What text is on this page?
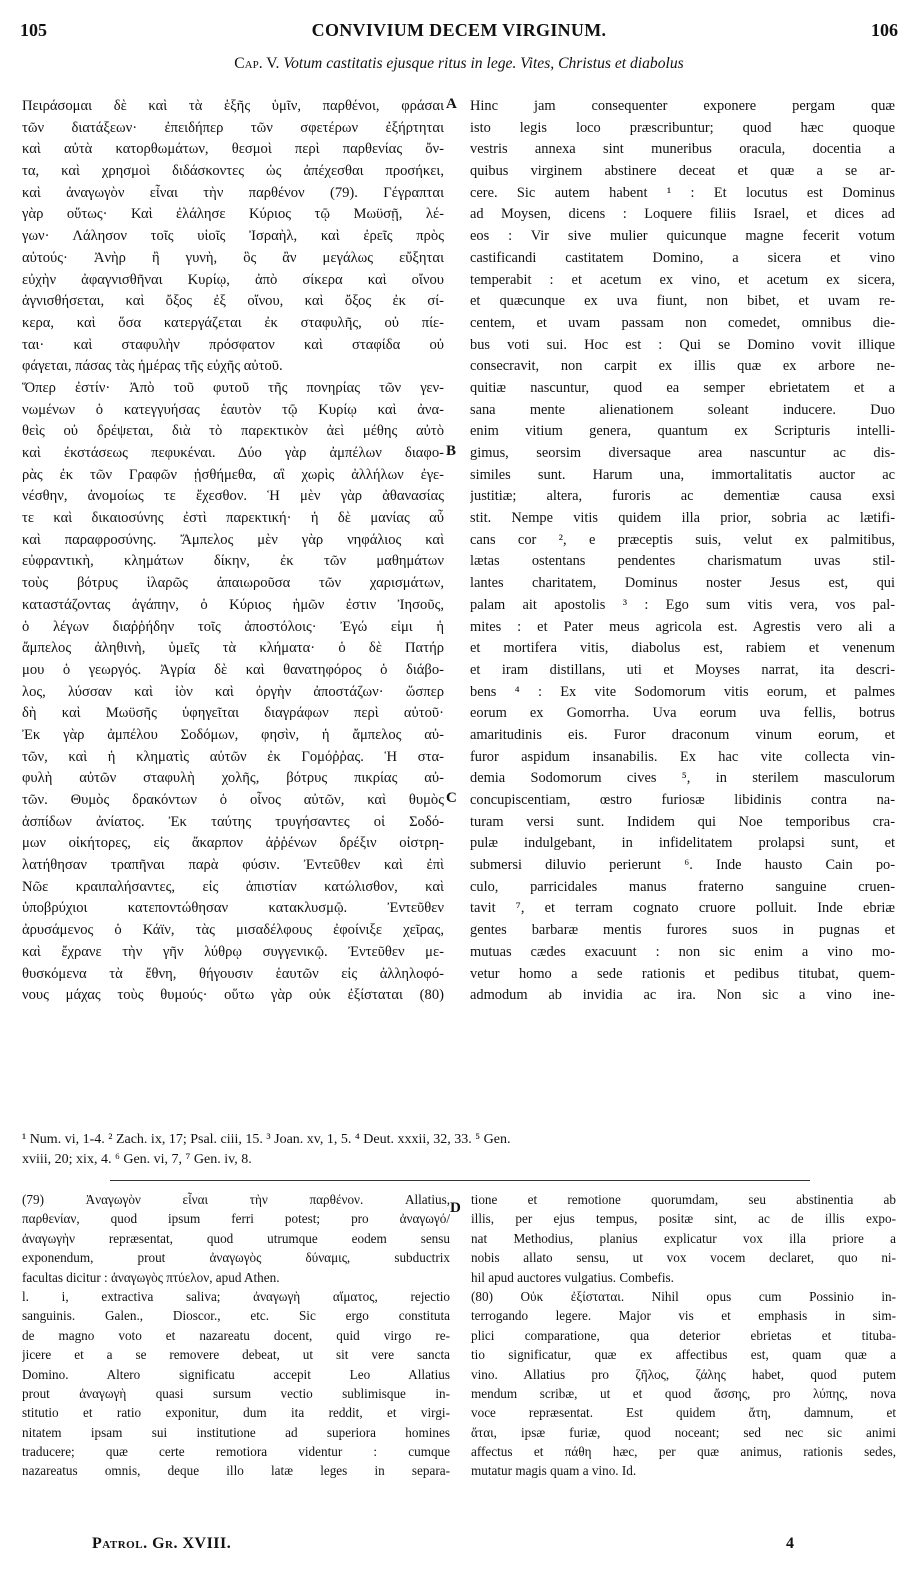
105	CONVIVIUM DECEM VIRGINUM.	106
Cap. V. Votum castitatis ejusque ritus in lege. Vites, Christus et diabolus
Πειράσομαι δὲ καὶ τὰ ἑξῆς ὑμῖν, παρθένοι, φράσαι
τῶν διατάξεων· ἐπειδήπερ τῶν σφετέρων ἐξήρτηται
καὶ αὐτὰ κατορθωμάτων, θεσμοὶ περὶ παρθενίας ὄν-
τα, καὶ χρησμοὶ διδάσκοντες ὡς ἀπέχεσθαι προσήκει,
καὶ ἀναγωγὸν εἶναι τὴν παρθένον (79). Γέγραπται
γὰρ οὕτως· Καὶ ἐλάλησε Κύριος τῷ Μωϋσῇ, λέ-
γων· Λάλησον τοῖς υἱοῖς Ἰσραὴλ, καὶ ἐρεῖς πρὸς
αὐτούς· Ἀνὴρ ἢ γυνὴ, ὃς ἂν μεγάλως εὔξηται
εὐχὴν ἀφαγνισθῆναι Κυρίῳ, ἀπὸ σίκερα καὶ οἴνου
ἁγνισθήσεται, καὶ ὄξος ἐξ οἴνου, καὶ ὄξος ἐκ σί-
κερα, καὶ ὅσα κατεργάζεται ἐκ σταφυλῆς, οὐ πίε-
ται· καὶ σταφυλὴν πρόσφατον καὶ σταφίδα οὐ
φάγεται, πάσας τὰς ἡμέρας τῆς εὐχῆς αὐτοῦ.
Ὅπερ ἐστίν· Ἀπὸ τοῦ φυτοῦ τῆς πονηρίας τῶν γεν-
νωμένων ὁ κατεγγυήσας ἑαυτὸν τῷ Κυρίῳ καὶ ἀνα-
θεὶς οὐ δρέψεται, διὰ τὸ παρεκτικὸν ἀεὶ μέθης αὐτὸ
καὶ ἐκστάσεως πεφυκέναι. Δύο γὰρ ἀμπέλων διαφο-
ρὰς ἐκ τῶν Γραφῶν ᾐσθήμεθα, αἳ χωρὶς ἀλλήλων ἐγε-
νέσθην, ἀνομοίως τε ἔχεσθον. Ἡ μὲν γὰρ ἀθανασίας
τε καὶ δικαιοσύνης ἐστὶ παρεκτική· ἡ δὲ μανίας αὖ
καὶ παραφροσύνης. Ἄμπελος μὲν γὰρ νηφάλιος καὶ
εὐφραντικὴ, κλημάτων δίκην, ἐκ τῶν μαθημάτων
τοὺς βότρυς ἱλαρῶς ἀπαιωροῦσα τῶν χαρισμάτων,
καταστάζοντας ἀγάπην, ὁ Κύριος ἡμῶν ἐστιν Ἰησοῦς,
ὁ λέγων διαῤῥήδην τοῖς ἀποστόλοις· Ἐγώ εἰμι ἡ
ἄμπελος ἀληθινὴ, ὑμεῖς τὰ κλήματα· ὁ δὲ Πατήρ
μου ὁ γεωργός. Ἀγρία δὲ καὶ θανατηφόρος ὁ διάβο-
λος, λύσσαν καὶ ἰὸν καὶ ὀργὴν ἀποστάζων· ὥσπερ
δὴ καὶ Μωϋσῆς ὑφηγεῖται διαγράφων περὶ αὐτοῦ·
Ἐκ γὰρ ἀμπέλου Σοδόμων, φησὶν, ἡ ἄμπελος αὐ-
τῶν, καὶ ἡ κληματὶς αὐτῶν ἐκ Γομόῤῥας. Ἡ στα-
φυλὴ αὐτῶν σταφυλὴ χολῆς, βότρυς πικρίας αὐ-
τῶν. Θυμὸς δρακόντων ὁ οἶνος αὐτῶν, καὶ θυμὸς
ἀσπίδων ἀνίατος. Ἐκ ταύτης τρυγήσαντες οἱ Σοδό-
μων οἰκήτορες, εἰς ἄκαρπον ἀῤῥένων δρέξιν οἰστρη-
λατήθησαν τραπῆναι παρὰ φύσιν. Ἐντεῦθεν καὶ ἐπὶ
Νῶε κραιπαλήσαντες, εἰς ἀπιστίαν κατώλισθον, καὶ
ὑποβρύχιοι κατεποντώθησαν κατακλυσμῷ. Ἐντεῦθεν
ἀρυσάμενος ὁ Κάϊν, τὰς μισαδέλφους ἐφοίνιξε χεῖρας,
καὶ ἔχρανε τὴν γῆν λύθρῳ συγγενικῷ. Ἐντεῦθεν με-
θυσκόμενα τὰ ἔθνη, θήγουσιν ἑαυτῶν εἰς ἀλληλοφό-
νους μάχας τοὺς θυμούς· οὕτω γὰρ οὐκ ἐξίσταται (80)
A
B
C
Hinc jam consequenter exponere pergam quæ
isto legis loco præscribuntur; quod hæc quoque
vestris annexa sint muneribus oracula, docentia a
quibus virginem abstinere deceat et quæ a se ar-
cere. Sic autem habent ¹ : Et locutus est Dominus
ad Moysen, dicens : Loquere filiis Israel, et dices ad
eos : Vir sive mulier quicunque magne fecerit votum
castificandi castitatem Domino, a sicera et vino
temperabit : et acetum ex vino, et acetum ex sicera,
et quæcunque ex uva fiunt, non bibet, et uvam re-
centem, et uvam passam non comedet, omnibus die-
bus voti sui. Hoc est : Qui se Domino vovit illique
consecravit, non carpit ex illis quæ ex arbore ne-
quitiæ nascuntur, quod ea semper ebrietatem et a
sana mente alienationem soleant inducere. Duo
enim vitium genera, quantum ex Scripturis intelli-
gimus, seorsim diversaque area nascuntur ac dis-
similes sunt. Harum una, immortalitatis auctor ac
justitiæ; altera, furoris ac dementiæ causa exsi
stit. Nempe vitis quidem illa prior, sobria ac lætifi-
cans cor ², e præceptis suis, velut ex palmitibus,
lætas ostentans pendentes charismatum uvas stil-
lantes charitatem, Dominus noster Jesus est, qui
palam ait apostolis ³ : Ego sum vitis vera, vos pal-
mites : et Pater meus agricola est. Agrestis vero ali a
et mortifera vitis, diabolus est, rabiem et venenum
et iram distillans, uti et Moyses narrat, ita descri-
bens ⁴ : Ex vite Sodomorum vitis eorum, et palmes
eorum ex Gomorrha. Uva eorum uva fellis, botrus
amaritudinis eis. Furor draconum vinum eorum, et
furor aspidum insanabilis. Ex hac vite collecta vin-
demia Sodomorum cives ⁵, in sterilem masculorum
concupiscentiam, œstro furiosæ libidinis contra na-
turam versi sunt. Indidem qui Noe temporibus cra-
pulæ indulgebant, in infidelitatem prolapsi sunt, et
submersi diluvio perierunt ⁶. Inde hausto Cain po-
culo, parricidales manus fraterno sanguine cruen-
tavit ⁷, et terram cognato cruore polluit. Inde ebriæ
gentes barbaræ mentis furores suos in pugnas et
mutuas cædes exacuunt : non sic enim a vino mo-
vetur homo a sede rationis et pedibus titubat, quem-
admodum ab invidia ac ira. Non sic a vino ine-
¹ Num. vi, 1-4. ² Zach. ix, 17; Psal. ciii, 15. ³ Joan. xv, 1, 5. ⁴ Deut. xxxii, 32, 33. ⁵ Gen.
xviii, 20; xix, 4. ⁶ Gen. vi, 7, ⁷ Gen. iv, 8.
(79) Ἀναγωγὸν εἶναι τὴν παρθένον. Allatius,
παρθενίαν, quod ipsum ferri potest; pro ἀναγωγό/
ἀναγωγὴν repræsentat, quod utrumque eodem sensu
exponendum, prout ἀναγωγὸς δύναμις, subductrix
facultas dicitur : ἀναγωγὸς πτύελον, apud Athen.
l. i, extractiva saliva; ἀναγωγὴ αἵματος, rejectio
sanguinis. Galen., Dioscor., etc. Sic ergo constituta
de magno voto et nazareatu docent, quid virgo re-
jicere et a se removere debeat, ut sit vere sancta
Domino. Altero significatu accepit Leo Allatius
prout ἀναγωγὴ quasi sursum vectio sublimisque in-
stitutio et ratio exponitur, dum ita reddit, et virgi-
nitatem ipsam sui institutione ad superiora homines
traducere; quæ certe remotiora videntur : cumque
nazareatus omnis, deque illo latæ leges in separa-
D
tione et remotione quorumdam, seu abstinentia ab
illis, per ejus tempus, positæ sint, ac de illis expo-
nat Methodius, planius explicatur vox illa priore a
nobis allato sensu, ut vox vocem declaret, quo ni-
hil apud auctores vulgatius. Combefis.
(80) Οὐκ ἐξίσταται. Nihil opus cum Possinio in-
terrogando legere. Major vis et emphasis in sim-
plici comparatione, qua deterior ebrietas et titubа-
tio significatur, quæ ex affectibus est, quam quæ a
vino. Allatius pro ζῆλος, ζάλης habet, quod putem
mendum scribæ, ut et quod ἄσσης, pro λύπης, nova
voce repræsentat. Est quidem ἄτη, damnum, et
ἄται, ipsæ furiæ, quod noceant; sed nec sic animi
affectus et πάθη hæc, per quæ animus, rationis sedes,
mutatur magis quam a vino. Id.
Patrol. Gr. XVIII.	4
